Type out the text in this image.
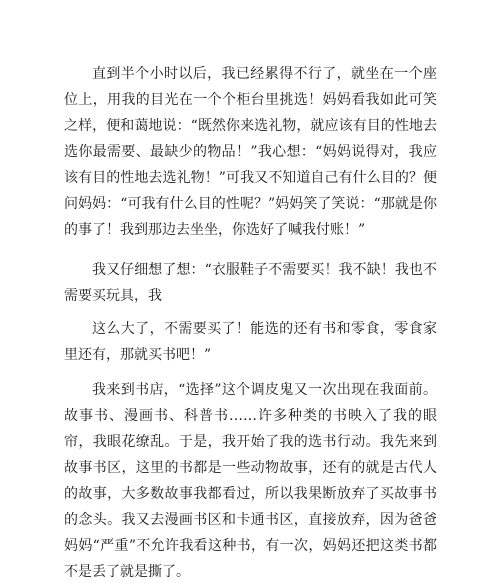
直到半个小时以后，我已经累得不行了，就坐在一个座位上，用我的目光在一个个柜台里挑选！妈妈看我如此可笑之样，便和蔼地说：“既然你来选礼物，就应该有目的性地去选你最需要、最缺少的物品！”我心想：“妈妈说得对，我应该有目的性地去选礼物！”可我又不知道自己有什么目的？便问妈妈：“可我有什么目的性呢？”妈妈笑了笑说：“那就是你的事了！我到那边去坐坐，你选好了喊我付账！”

我又仔细想了想：“衣服鞋子不需要买！我不缺！我也不需要买玩具，我

这么大了，不需要买了！能选的还有书和零食，零食家里还有，那就买书吧！”

我来到书店，“选择”这个调皮鬼又一次出现在我面前。故事书、漫画书、科普书……许多种类的书映入了我的眼帘，我眼花缭乱。于是，我开始了我的选书行动。我先来到故事书区，这里的书都是一些动物故事，还有的就是古代人的故事，大多数故事我都看过，所以我果断放弃了买故事书的念头。我又去漫画书区和卡通书区，直接放弃，因为爸爸妈妈“严重”不允许我看这种书，有一次，妈妈还把这类书都不是丢了就是撕了。
